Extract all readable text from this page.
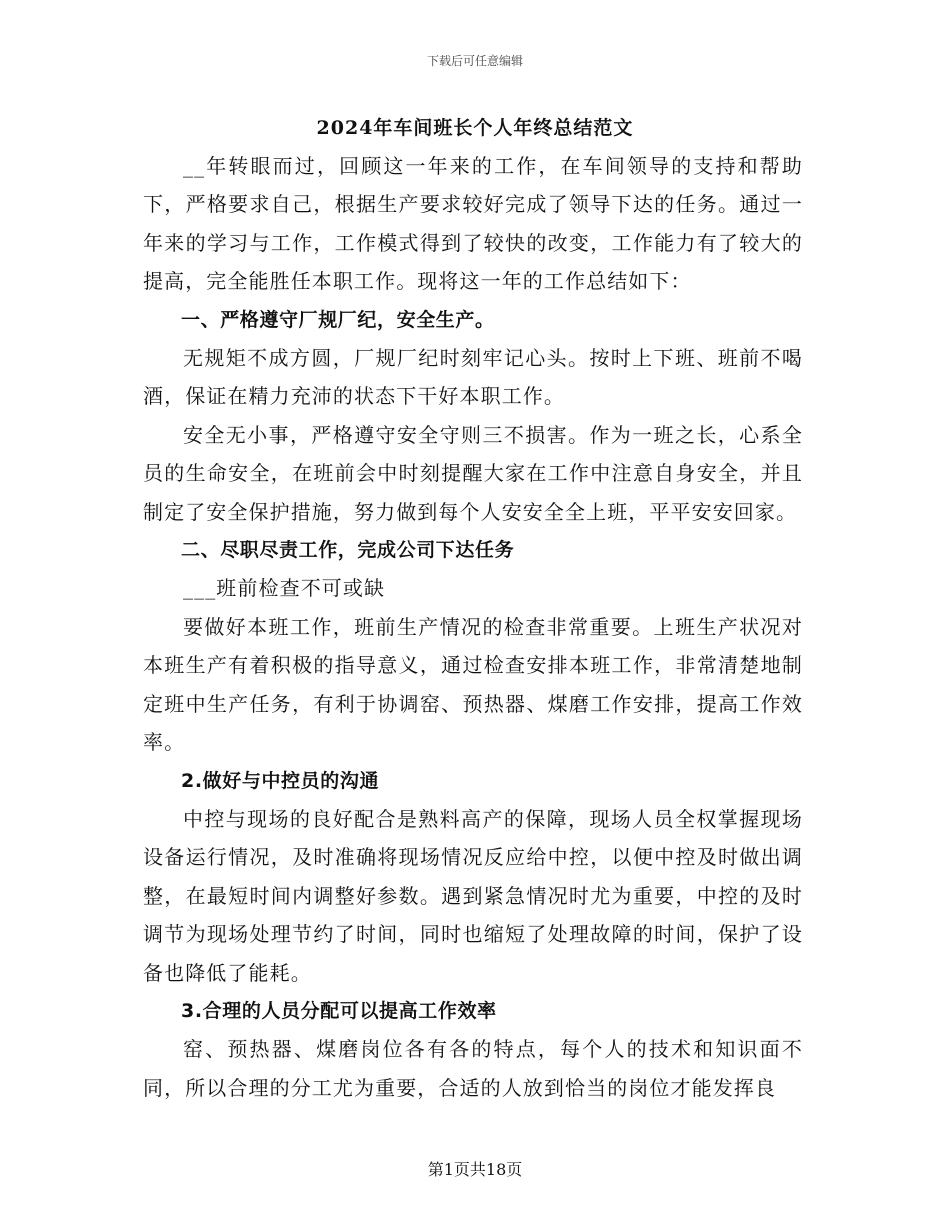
下载后可任意编辑
2024年车间班长个人年终总结范文

__年转眼而过，回顾这一年来的工作，在车间领导的支持和帮助下，严格要求自己，根据生产要求较好完成了领导下达的任务。通过一年来的学习与工作，工作模式得到了较快的改变，工作能力有了较大的提高，完全能胜任本职工作。现将这一年的工作总结如下：

一、严格遵守厂规厂纪，安全生产。

无规矩不成方圆，厂规厂纪时刻牢记心头。按时上下班、班前不喝酒，保证在精力充沛的状态下干好本职工作。

安全无小事，严格遵守安全守则三不损害。作为一班之长，心系全员的生命安全，在班前会中时刻提醒大家在工作中注意自身安全，并且制定了安全保护措施，努力做到每个人安安全全上班，平平安安回家。

二、尽职尽责工作，完成公司下达任务

___班前检查不可或缺

要做好本班工作，班前生产情况的检查非常重要。上班生产状况对本班生产有着积极的指导意义，通过检查安排本班工作，非常清楚地制定班中生产任务，有利于协调窑、预热器、煤磨工作安排，提高工作效率。

2.做好与中控员的沟通

中控与现场的良好配合是熟料高产的保障，现场人员全权掌握现场设备运行情况，及时准确将现场情况反应给中控，以便中控及时做出调整，在最短时间内调整好参数。遇到紧急情况时尤为重要，中控的及时调节为现场处理节约了时间，同时也缩短了处理故障的时间，保护了设备也降低了能耗。

3.合理的人员分配可以提高工作效率

窑、预热器、煤磨岗位各有各的特点，每个人的技术和知识面不同，所以合理的分工尤为重要，合适的人放到恰当的岗位才能发挥良

第1页共18页
